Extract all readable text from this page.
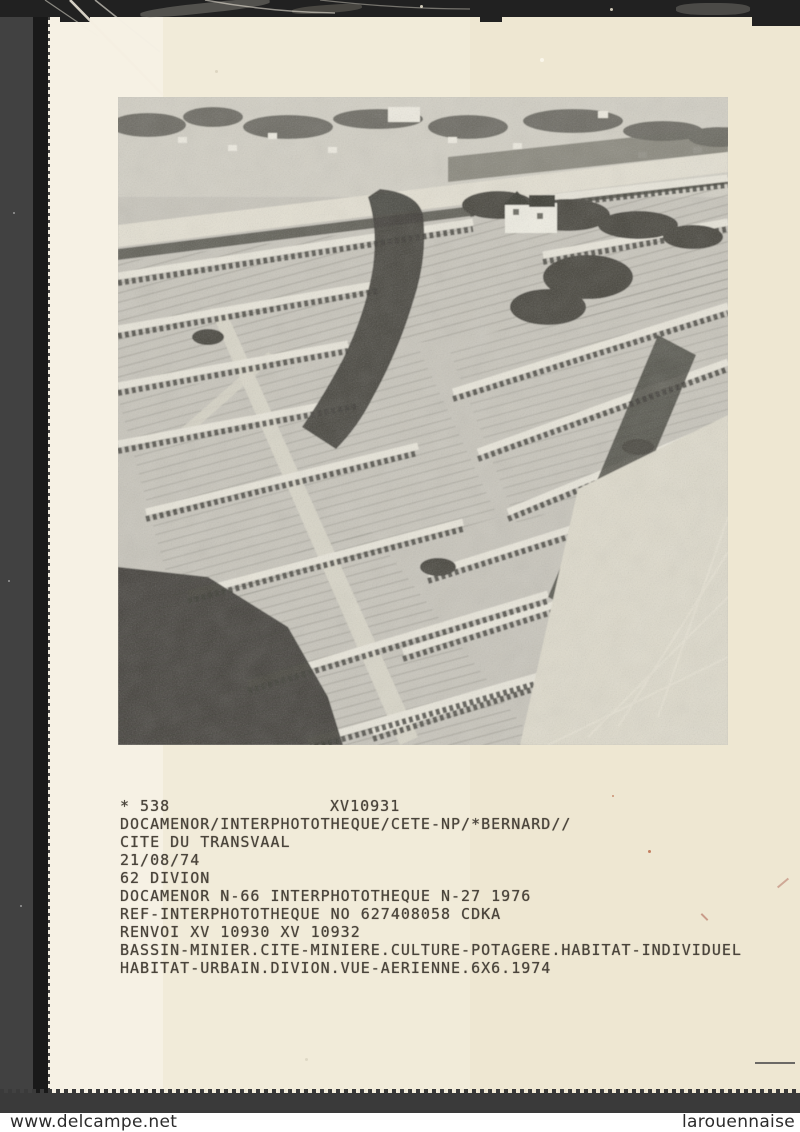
* 538	XV10931
DOCAMENOR/INTERPHOTOTHEQUE/CETE-NP/*BERNARD//
CITE DU TRANSVAAL
21/08/74
62 DIVION
DOCAMENOR N-66 INTERPHOTOTHEQUE N-27 1976
REF-INTERPHOTOTHEQUE NO 627408058 CDKA
RENVOI XV 10930 XV 10932
BASSIN-MINIER.CITE-MINIERE.CULTURE-POTAGERE.HABITAT-INDIVIDUEL
HABITAT-URBAIN.DIVION.VUE-AERIENNE.6X6.1974
www.delcampe.net	larouennaise
